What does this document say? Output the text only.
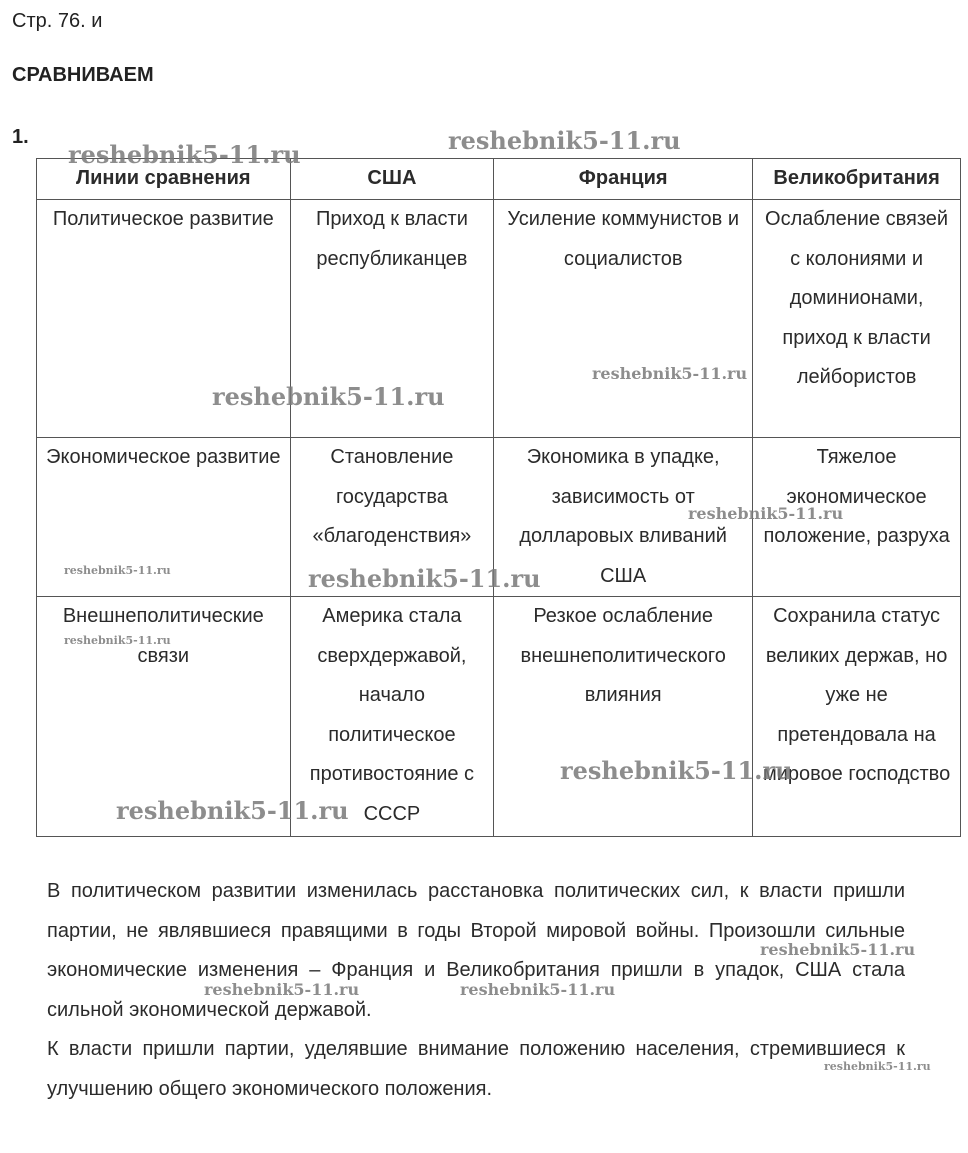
Стр. 76. и
СРАВНИВАЕМ
1.
Линии сравнения	США	Франция	Великобритания
Политическое развитие	Приход к власти республиканцев	Усиление коммунистов и социалистов	Ослабление связей с колониями и доминионами, приход к власти лейбористов
Экономическое развитие	Становление государства «благоденствия»	Экономика в упадке, зависимость от долларовых вливаний США	Тяжелое экономическое положение, разруха
Внешнеполитические связи	Америка стала сверхдержавой, начало политическое противостояние с СССР	Резкое ослабление внешнеполитического влияния	Сохранила статус великих держав, но уже не претендовала на мировое господство

В политическом развитии изменилась расстановка политических сил, к власти пришли партии, не являвшиеся правящими в годы Второй мировой войны. Произошли сильные экономические изменения – Франция и Великобритания пришли в упадок, США стала сильной экономической державой.

К власти пришли партии, уделявшие внимание положению населения, стремившиеся к улучшению общего экономического положения.

reshebnik5-11.ru	reshebnik5-11.ru
reshebnik5-11.ru
reshebnik5-11.ru
reshebnik5-11.ru
reshebnik5-11.ru	reshebnik5-11.ru
reshebnik5-11.ru
reshebnik5-11.ru
reshebnik5-11.ru
reshebnik5-11.ru
reshebnik5-11.ru	reshebnik5-11.ru
reshebnik5-11.ru
